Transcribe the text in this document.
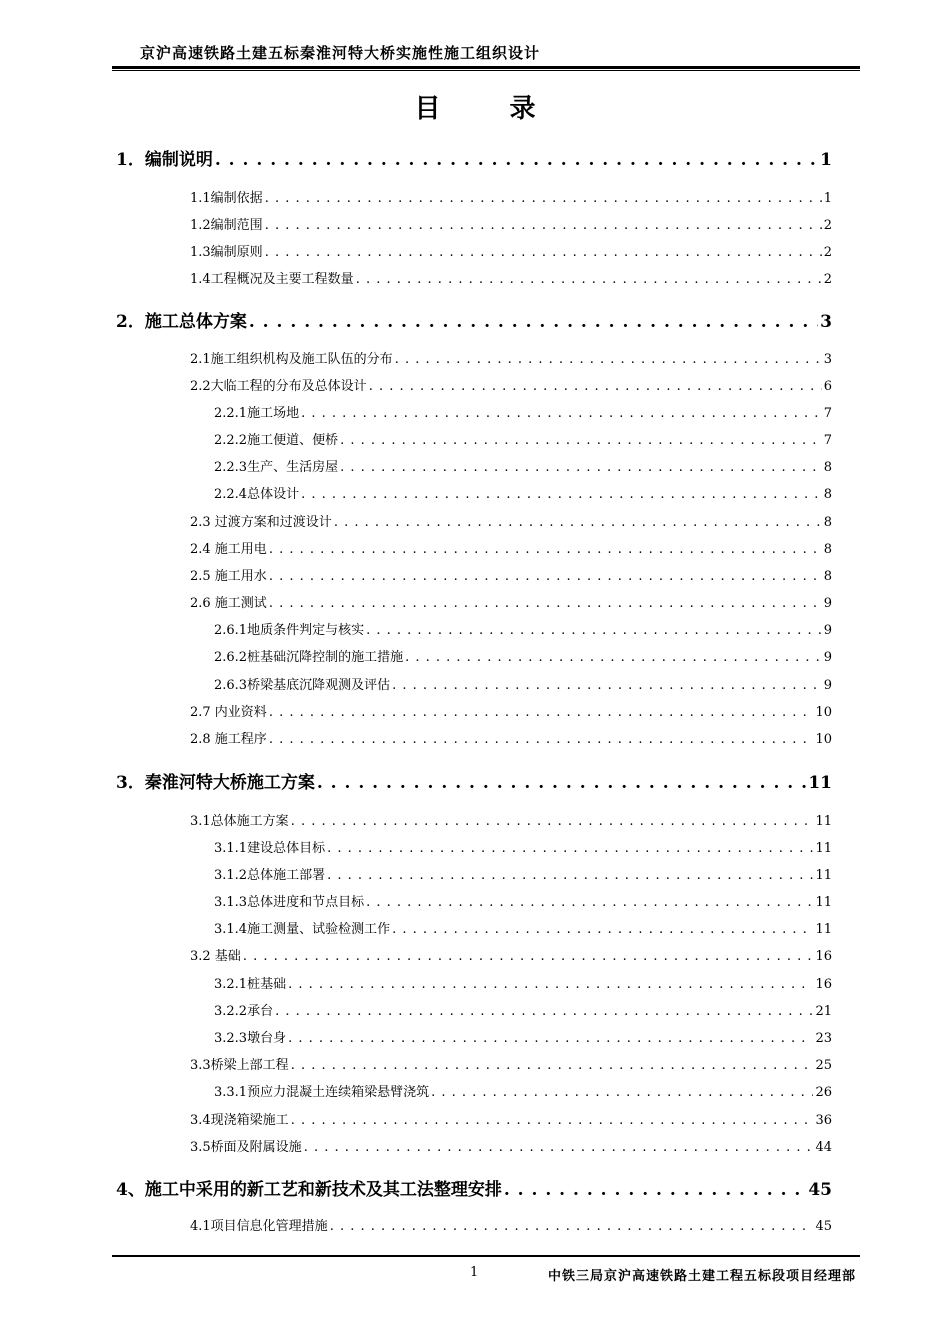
京沪高速铁路土建五标秦淮河特大桥实施性施工组织设计
目 录
1．编制说明 . . .	1
1.1编制依据 . . .	1
1.2编制范围 . . .	2
1.3编制原则 . . .	2
1.4工程概况及主要工程数量 . . .	2
2．施工总体方案 . . .	3
2.1施工组织机构及施工队伍的分布 . . .	3
2.2大临工程的分布及总体设计 . . .	6
2.2.1施工场地 . . .	7
2.2.2施工便道、便桥 . . .	7
2.2.3生产、生活房屋 . . .	8
2.2.4总体设计 . . .	8
2.3 过渡方案和过渡设计 . . .	8
2.4 施工用电 . . .	8
2.5 施工用水 . . .	8
2.6 施工测试 . . .	9
2.6.1地质条件判定与核实 . . .	9
2.6.2桩基础沉降控制的施工措施 . . .	9
2.6.3桥梁基底沉降观测及评估 . . .	9
2.7 内业资料 . . .	10
2.8 施工程序 . . .	10
3．秦淮河特大桥施工方案 . . .	11
3.1总体施工方案 . . .	11
3.1.1建设总体目标 . . .	11
3.1.2总体施工部署 . . .	11
3.1.3总体进度和节点目标 . . .	11
3.1.4施工测量、试验检测工作 . . .	11
3.2 基础 . . .	16
3.2.1桩基础 . . .	16
3.2.2承台 . . .	21
3.2.3墩台身 . . .	23
3.3桥梁上部工程 . . .	25
3.3.1预应力混凝土连续箱梁悬臂浇筑 . . .	26
3.4现浇箱梁施工 . . .	36
3.5桥面及附属设施 . . .	44
4、施工中采用的新工艺和新技术及其工法整理安排 . . .	45
4.1项目信息化管理措施 . . .	45
1	中铁三局京沪高速铁路土建工程五标段项目经理部
